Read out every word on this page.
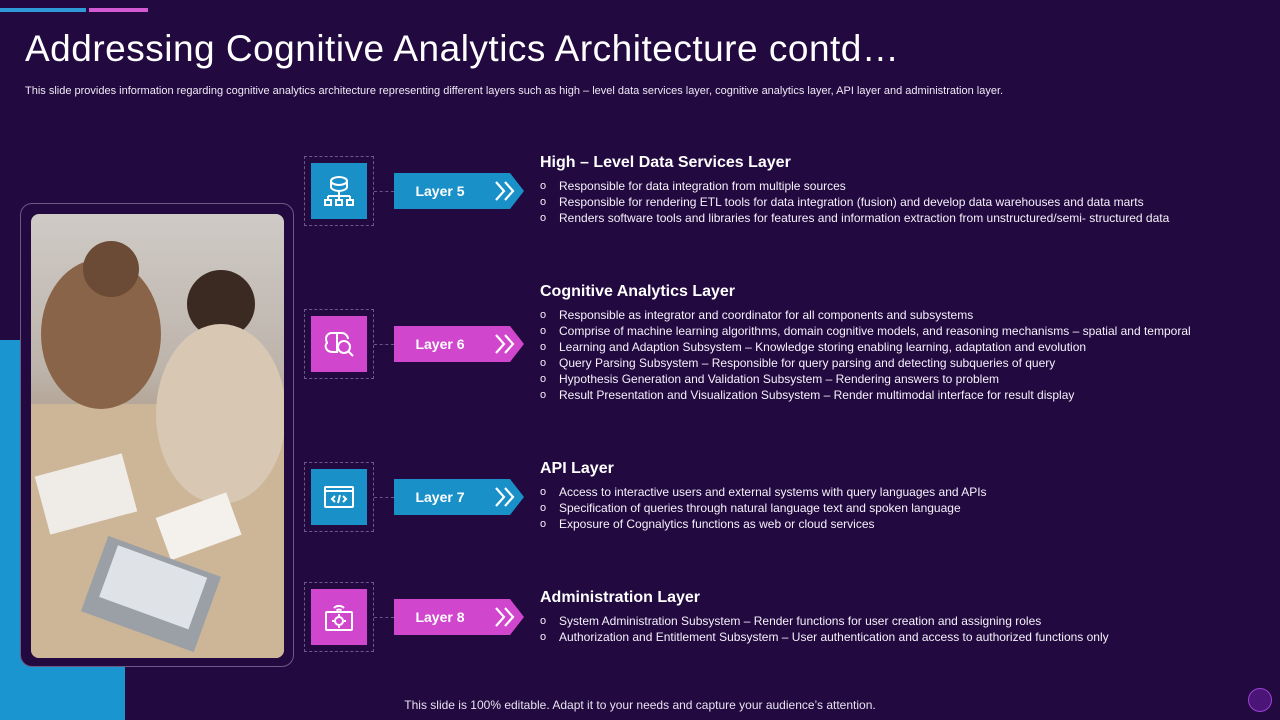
Addressing Cognitive Analytics Architecture contd…
This slide provides information regarding cognitive analytics architecture representing different layers such as high – level data services layer, cognitive analytics layer, API layer and administration layer.
Layer 5
High – Level Data Services Layer
o Responsible for data integration from multiple sources
o Responsible for rendering ETL tools for data integration (fusion) and develop data warehouses and data marts
o Renders software tools and libraries for features and information extraction from unstructured/semi- structured data
Layer 6
Cognitive Analytics Layer
o Responsible as integrator and coordinator for all components and subsystems
o Comprise of machine learning algorithms, domain cognitive models, and reasoning mechanisms – spatial and temporal
o Learning and Adaption Subsystem – Knowledge storing enabling learning, adaptation and evolution
o Query Parsing Subsystem – Responsible for query parsing and detecting subqueries of query
o Hypothesis Generation and Validation Subsystem – Rendering answers to problem
o Result Presentation and Visualization Subsystem – Render multimodal interface for result display
Layer 7
API Layer
o Access to interactive users and external systems with query languages and APIs
o Specification of queries through natural language text and spoken language
o Exposure of Cognalytics functions as web or cloud services
Layer 8
Administration Layer
o System Administration Subsystem – Render functions for user creation and assigning roles
o Authorization and Entitlement Subsystem – User authentication and access to authorized functions only
This slide is 100% editable. Adapt it to your needs and capture your audience’s attention.
